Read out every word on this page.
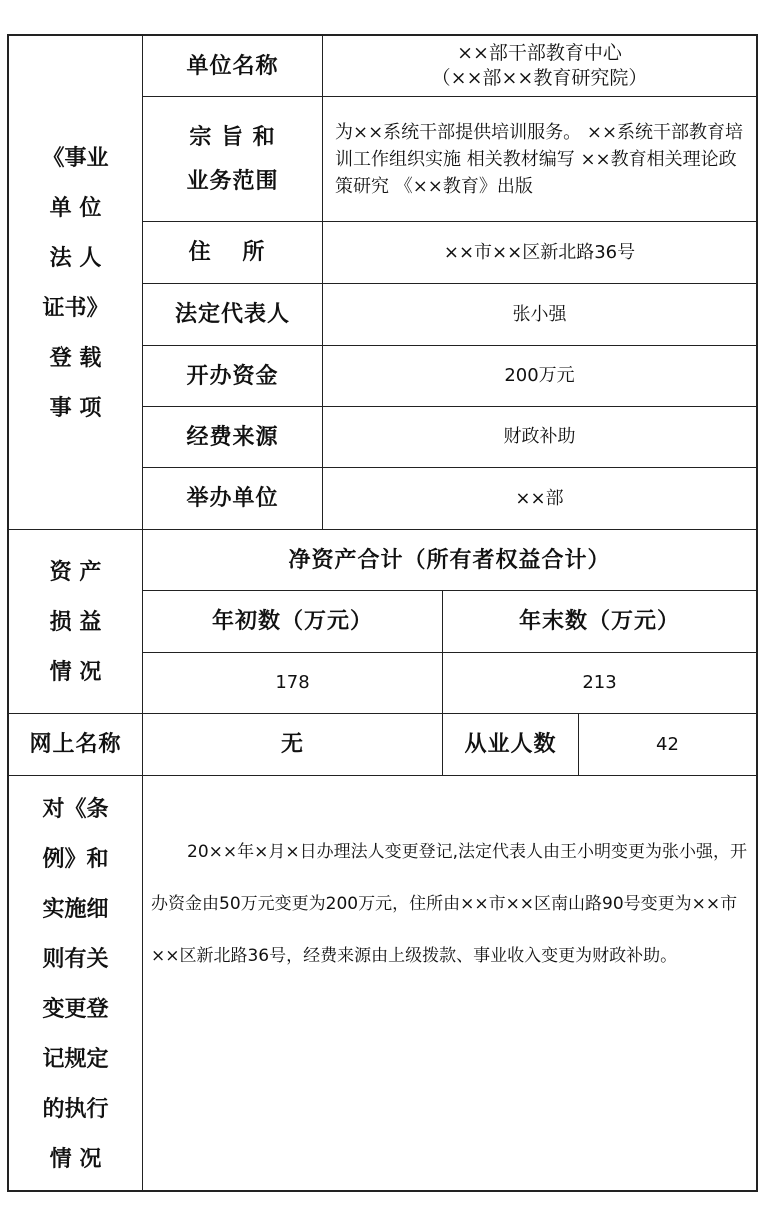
《事业
单 位
法 人
证书》
登 载
事 项
单位名称	××部干部教育中心
（××部××教育研究院）
宗 旨 和
业务范围
为××系统干部提供培训服务。 ××系统干部教育培训工作组织实施 相关教材编写 ××教育相关理论政策研究 《××教育》出版
住 所	××市××区新北路36号
法定代表人	张小强
开办资金	200万元
经费来源	财政补助
举办单位	××部
资 产
损 益
情 况
净资产合计（所有者权益合计）
年初数（万元）	年末数（万元）
178	213
网上名称	无	从业人数	42
对《条
例》和
实施细
则有关
变更登
记规定
的执行
情 况
20××年×月×日办理法人变更登记,法定代表人由王小明变更为张小强，开办资金由50万元变更为200万元，住所由××市××区南山路90号变更为××市××区新北路36号，经费来源由上级拨款、事业收入变更为财政补助。
